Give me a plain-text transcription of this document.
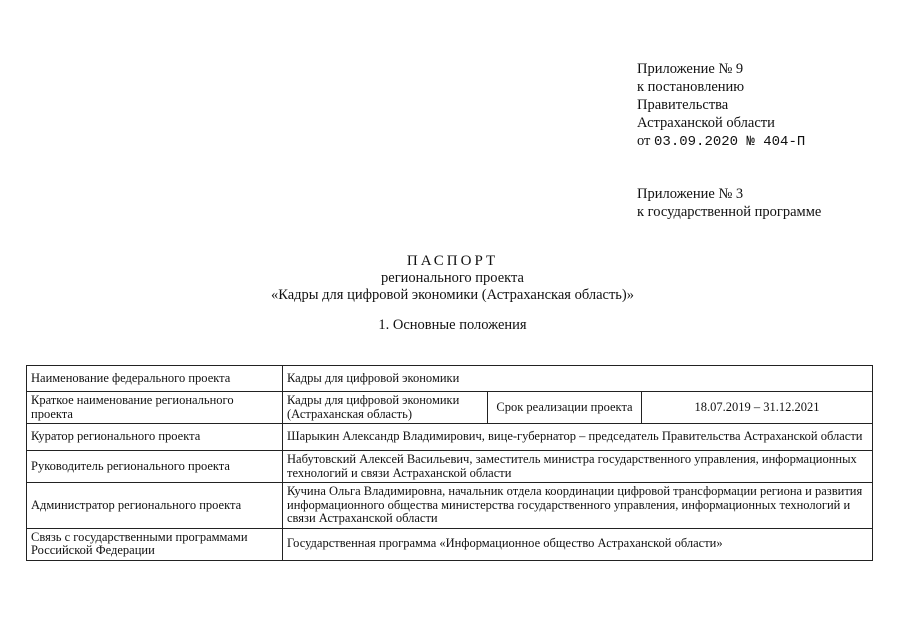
Приложение № 9
к постановлению
Правительства
Астраханской области
от 03.09.2020 № 404-П
Приложение № 3
к государственной программе
ПАСПОРТ
регионального проекта
«Кадры для цифровой экономики (Астраханская область)»
1. Основные положения
Наименование федерального проекта	Кадры для цифровой экономики		
Краткое наименование регионального проекта	Кадры для цифровой экономики (Астраханская область)	Срок реализации проекта	18.07.2019 – 31.12.2021
Куратор регионального проекта	Шарыкин Александр Владимирович, вице-губернатор – председатель Правительства Астраханской области		
Руководитель регионального проекта	Набутовский Алексей Васильевич, заместитель министра государственного управления, информационных технологий и связи Астраханской области		
Администратор регионального проекта	Кучина Ольга Владимировна, начальник отдела координации цифровой трансформации региона и развития информационного общества министерства государственного управления, информационных технологий и связи Астраханской области		
Связь с государственными программами Российской Федерации	Государственная программа «Информационное общество Астраханской области»		
